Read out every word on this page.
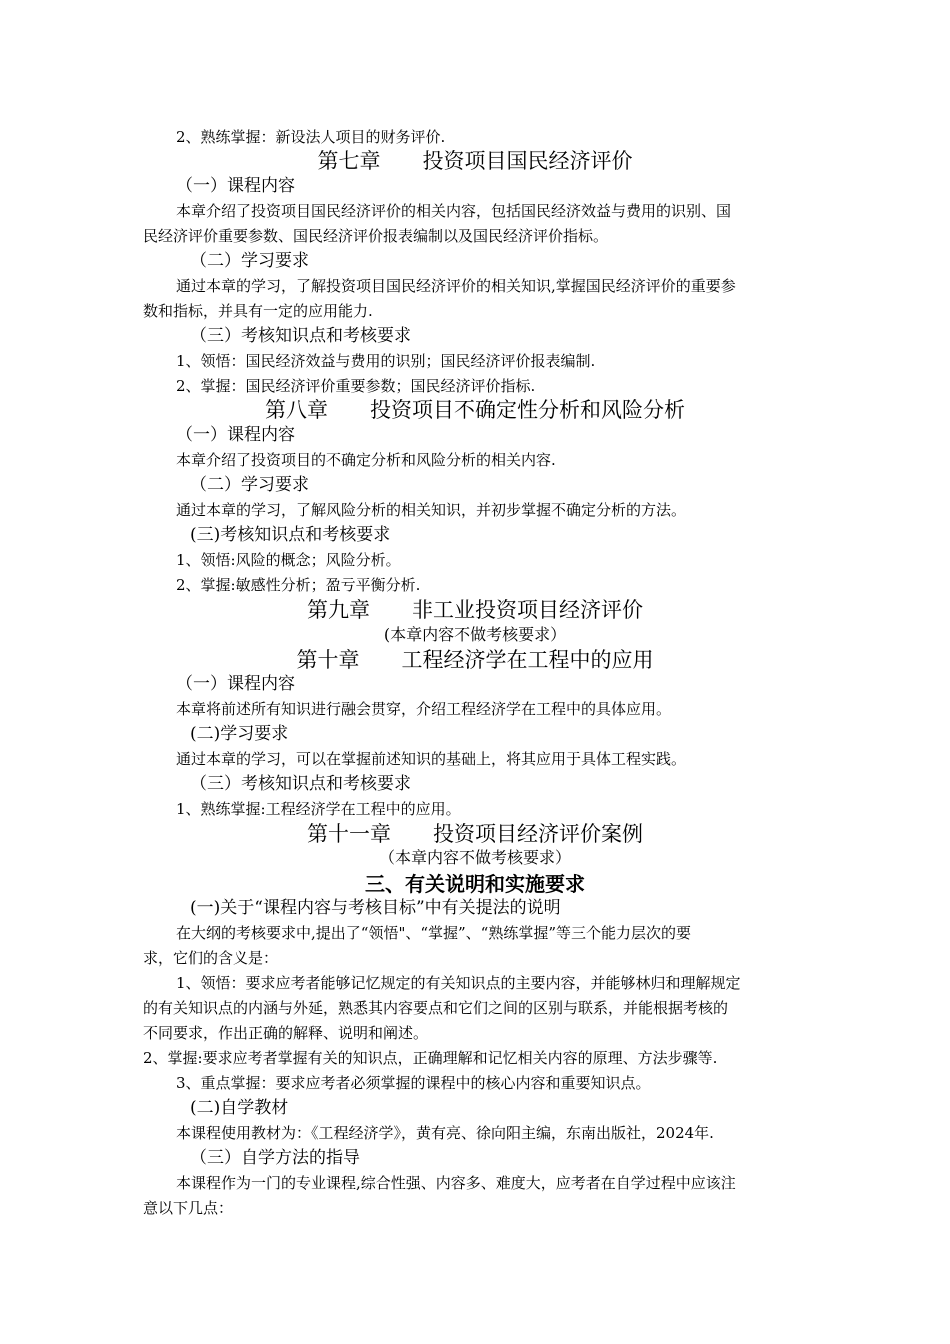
2、熟练掌握：新设法人项目的财务评价.
第七章 投资项目国民经济评价
（一）课程内容
本章介绍了投资项目国民经济评价的相关内容，包括国民经济效益与费用的识别、国
民经济评价重要参数、国民经济评价报表编制以及国民经济评价指标。
（二）学习要求
通过本章的学习，了解投资项目国民经济评价的相关知识,掌握国民经济评价的重要参
数和指标，并具有一定的应用能力.
（三）考核知识点和考核要求
1、领悟：国民经济效益与费用的识别；国民经济评价报表编制.
2、掌握：国民经济评价重要参数；国民经济评价指标.
第八章 投资项目不确定性分析和风险分析
（一）课程内容
本章介绍了投资项目的不确定分析和风险分析的相关内容.
（二）学习要求
通过本章的学习，了解风险分析的相关知识，并初步掌握不确定分析的方法。
(三)考核知识点和考核要求
1、领悟:风险的概念；风险分析。
2、掌握:敏感性分析；盈亏平衡分析.
第九章 非工业投资项目经济评价
(本章内容不做考核要求）
第十章 工程经济学在工程中的应用
（一）课程内容
本章将前述所有知识进行融会贯穿，介绍工程经济学在工程中的具体应用。
(二)学习要求
通过本章的学习，可以在掌握前述知识的基础上，将其应用于具体工程实践。
（三）考核知识点和考核要求
1、熟练掌握:工程经济学在工程中的应用。
第十一章 投资项目经济评价案例
（本章内容不做考核要求）
三、有关说明和实施要求
(一)关于“课程内容与考核目标”中有关提法的说明
在大纲的考核要求中,提出了“领悟"、“掌握”、“熟练掌握”等三个能力层次的要
求，它们的含义是：
1、领悟：要求应考者能够记忆规定的有关知识点的主要内容，并能够林归和理解规定
的有关知识点的内涵与外延，熟悉其内容要点和它们之间的区别与联系，并能根据考核的
不同要求，作出正确的解释、说明和阐述。
2、掌握:要求应考者掌握有关的知识点，正确理解和记忆相关内容的原理、方法步骤等.
3、重点掌握：要求应考者必须掌握的课程中的核心内容和重要知识点。
(二)自学教材
本课程使用教材为：《工程经济学》，黄有亮、徐向阳主编，东南出版社，2024年.
（三）自学方法的指导
本课程作为一门的专业课程,综合性强、内容多、难度大，应考者在自学过程中应该注
意以下几点：
